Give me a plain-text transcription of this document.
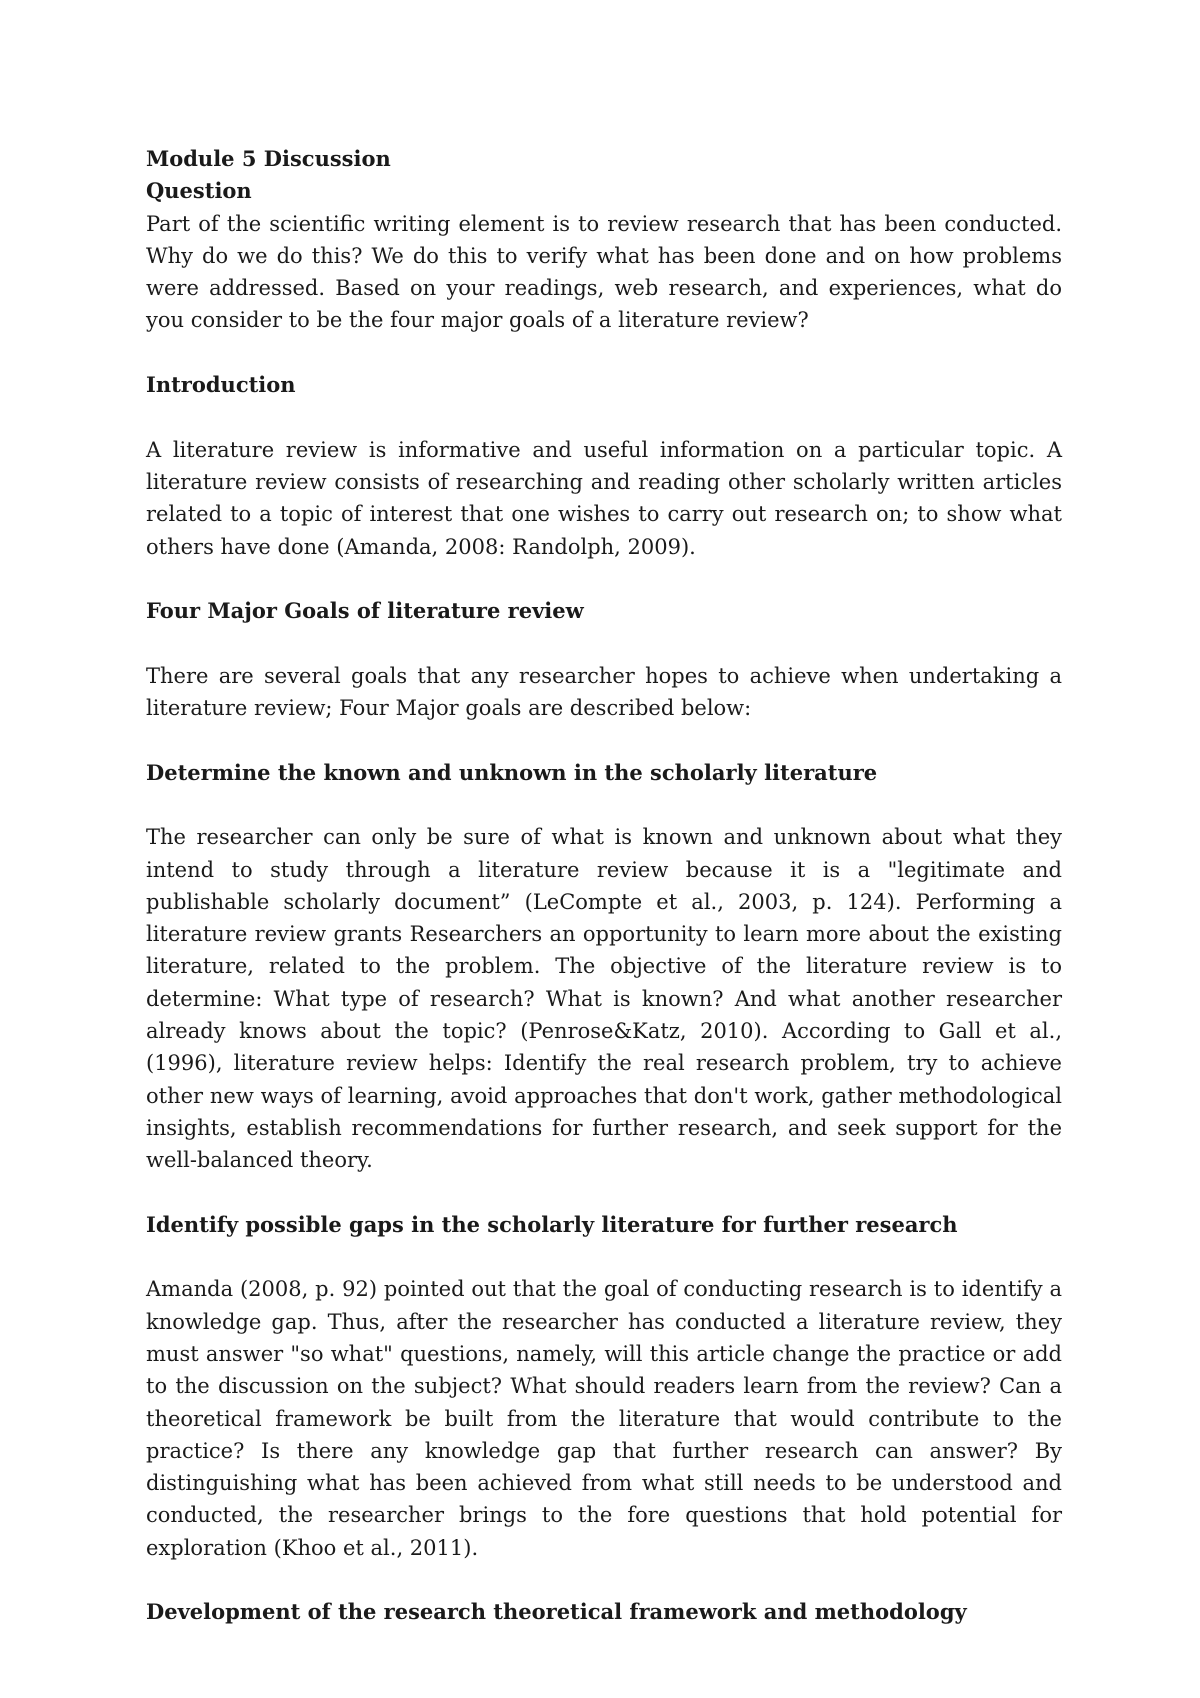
Module 5 Discussion

Question

Part of the scientific writing element is to review research that has been conducted. Why do we do this? We do this to verify what has been done and on how problems were addressed. Based on your readings, web research, and experiences, what do you consider to be the four major goals of a literature review?

Introduction

A literature review is informative and useful information on a particular topic. A literature review consists of researching and reading other scholarly written articles related to a topic of interest that one wishes to carry out research on; to show what others have done (Amanda, 2008: Randolph, 2009).

Four Major Goals of literature review

There are several goals that any researcher hopes to achieve when undertaking a literature review; Four Major goals are described below:

Determine the known and unknown in the scholarly literature

The researcher can only be sure of what is known and unknown about what they intend to study through a literature review because it is a "legitimate and publishable scholarly document” (LeCompte et al., 2003, p. 124). Performing a literature review grants Researchers an opportunity to learn more about the existing literature, related to the problem. The objective of the literature review is to determine: What type of research? What is known? And what another researcher already knows about the topic? (Penrose&Katz, 2010). According to Gall et al., (1996), literature review helps: Identify the real research problem, try to achieve other new ways of learning, avoid approaches that don't work, gather methodological insights, establish recommendations for further research, and seek support for the well-balanced theory.

Identify possible gaps in the scholarly literature for further research

Amanda (2008, p. 92) pointed out that the goal of conducting research is to identify a knowledge gap. Thus, after the researcher has conducted a literature review, they must answer "so what" questions, namely, will this article change the practice or add to the discussion on the subject? What should readers learn from the review? Can a theoretical framework be built from the literature that would contribute to the practice? Is there any knowledge gap that further research can answer? By distinguishing what has been achieved from what still needs to be understood and conducted, the researcher brings to the fore questions that hold potential for exploration (Khoo et al., 2011).

Development of the research theoretical framework and methodology
